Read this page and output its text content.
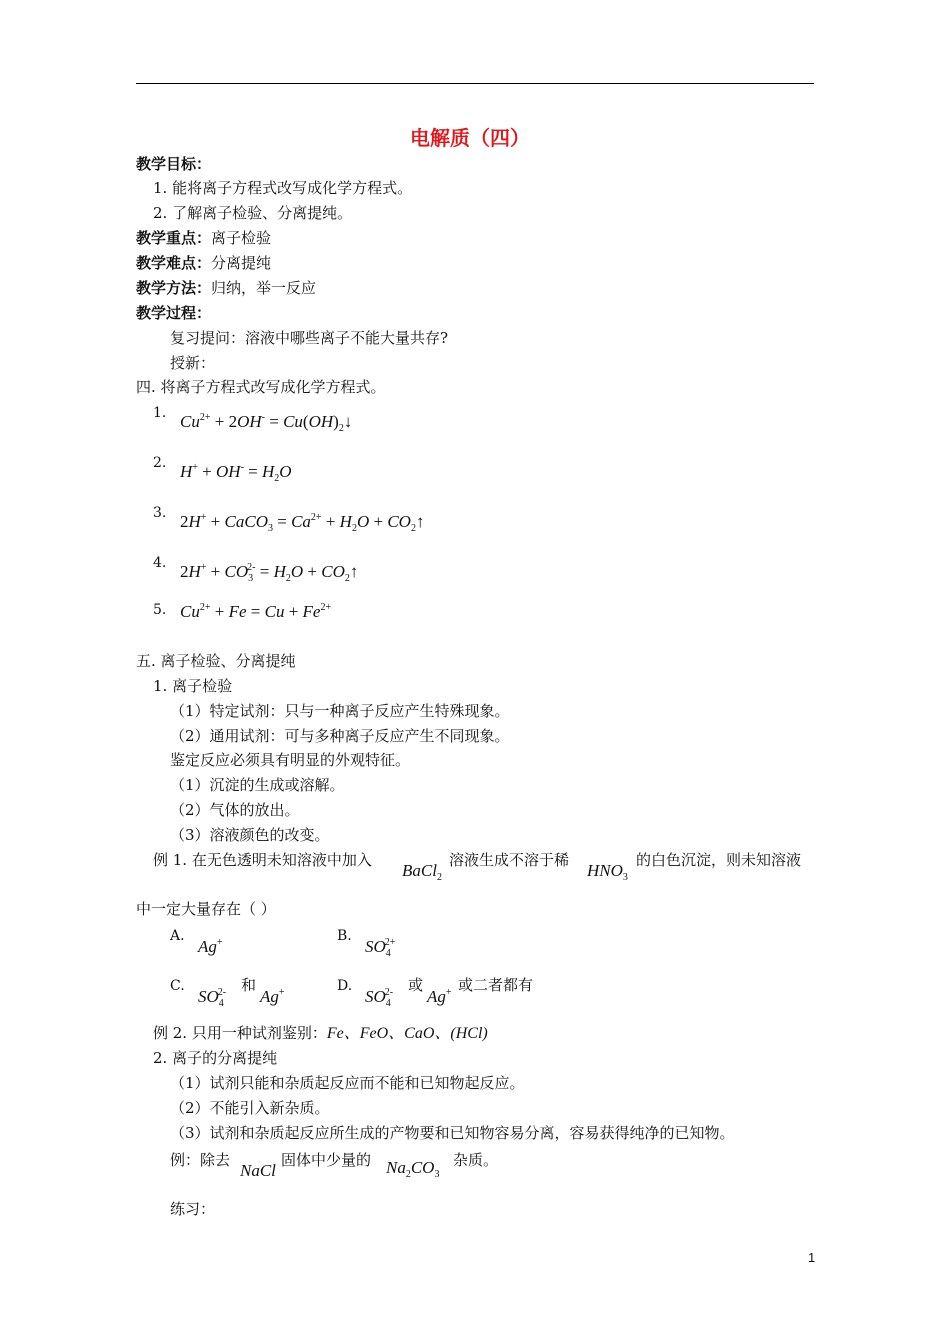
电解质（四）
教学目标：
1. 能将离子方程式改写成化学方程式。
2. 了解离子检验、分离提纯。
教学重点：离子检验
教学难点：分离提纯
教学方法：归纳，举一反应
教学过程：
复习提问：溶液中哪些离子不能大量共存?
授新：
四. 将离子方程式改写成化学方程式。
1. $Cu^{2+} + 2OH^-$ = $Cu(OH)_2↓$
2. $H^+ + OH^- = H_2O$
3. 2H+ + CaCO$_3$ = $Ca^{2+} + H_2O$ + $CO_2↑$
4. $2H^+ + CO_3^{2-} = H_2O$ + $CO_2↑$
5. $Cu^{2+} + Fe = Cu + Fe^{2+}$
五. 离子检验、分离提纯
1. 离子检验
（1）特定试剂：只与一种离子反应产生特殊现象。
（2）通用试剂：可与多种离子反应产生不同现象。
鉴定反应必须具有明显的外观特征。
（1）沉淀的生成或溶解。
（2）气体的放出。
（3）溶液颜色的改变。
例 1. 在无色透明未知溶液中加入
BaCl$_2$
溶液生成不溶于稀
$HNO_3$
的白色沉淀，则未知溶液
中一定大量存在（ ）
A.
Ag+	B.
$SO_4^{2+}$
C.
$SO_4^{2-}$ 和
Ag+	D.
$SO_4^{2-}$ 或
Ag+ 或二者都有
例 2. 只用一种试剂鉴别：Fe、FeO、CaO、(HCl)
2. 离子的分离提纯
（1）试剂只能和杂质起反应而不能和已知物起反应。
（2）不能引入新杂质。
（3）试剂和杂质起反应所生成的产物要和已知物容易分离，容易获得纯净的已知物。
例：除去
NaCl
固体中少量的 $Na_2CO_3$
杂质。
练习：
1
